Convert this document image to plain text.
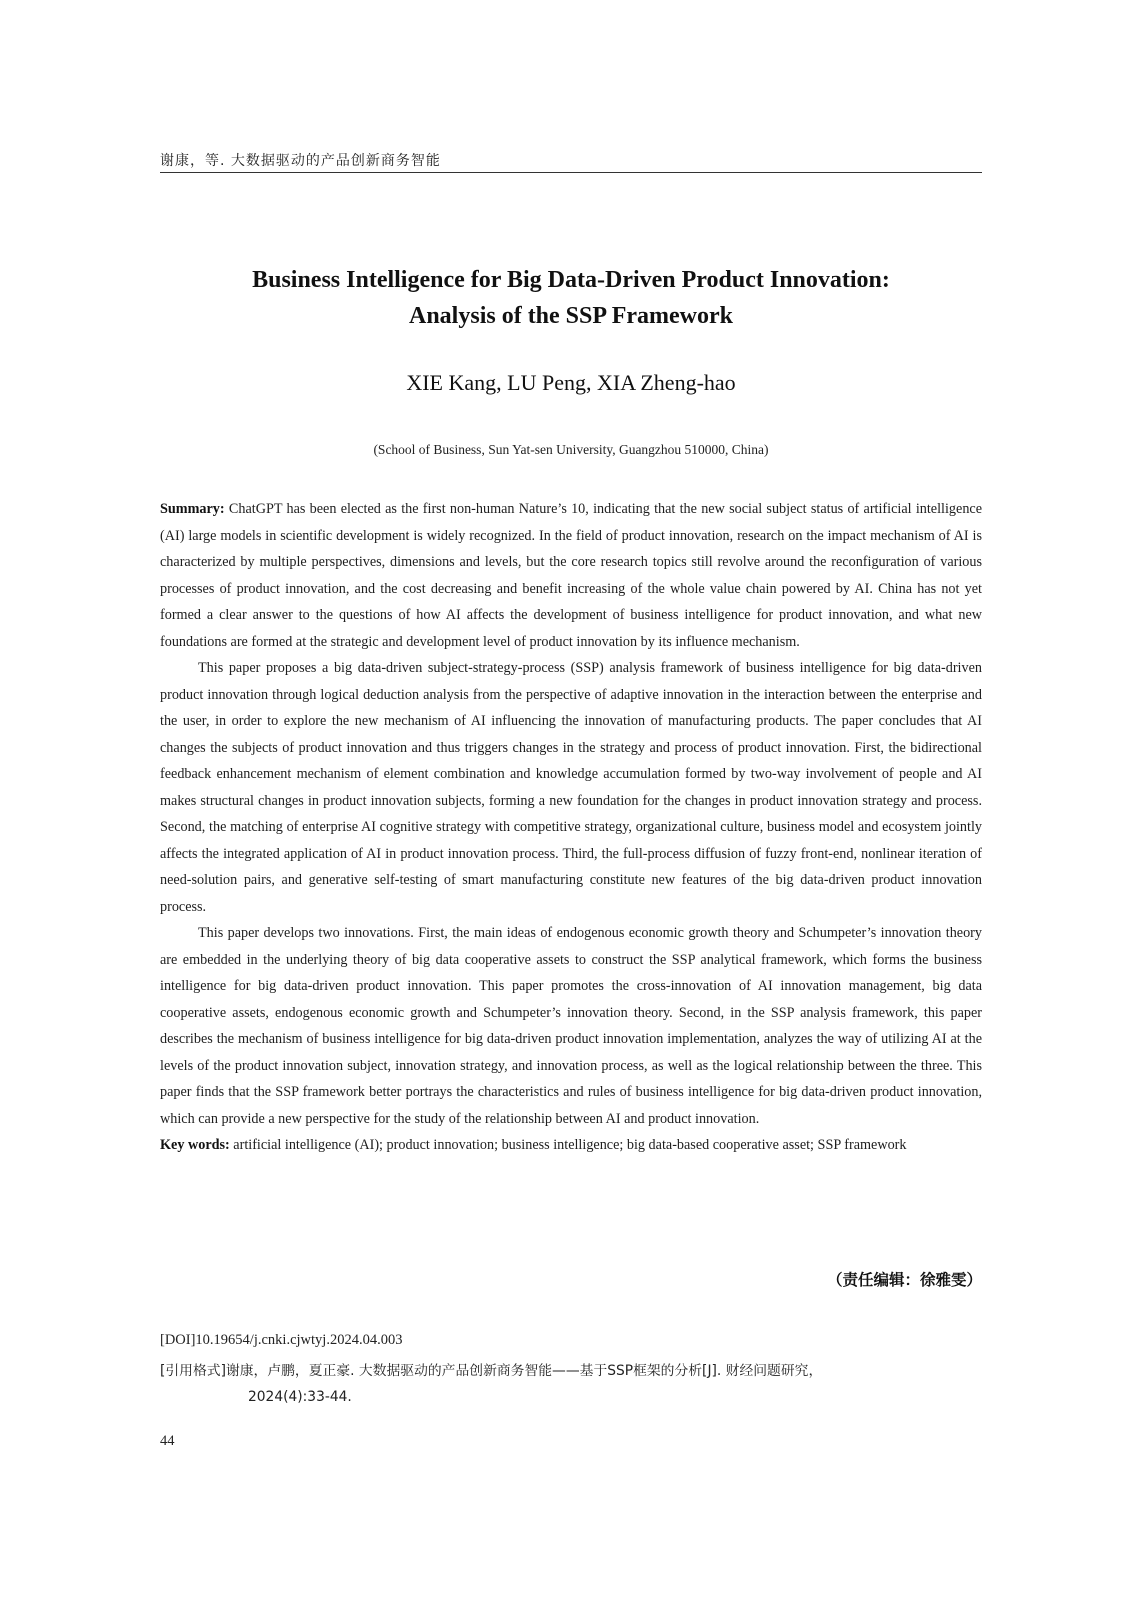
谢康，等. 大数据驱动的产品创新商务智能
Business Intelligence for Big Data-Driven Product Innovation:
Analysis of the SSP Framework
XIE Kang, LU Peng, XIA Zheng-hao
(School of Business, Sun Yat-sen University, Guangzhou 510000, China)

Summary: ChatGPT has been elected as the first non-human Nature’s 10, indicating that the new social subject status of artificial intelligence (AI) large models in scientific development is widely recognized. In the field of product innovation, research on the impact mechanism of AI is characterized by multiple perspectives, dimensions and levels, but the core research topics still revolve around the reconfiguration of various processes of product innovation, and the cost decreasing and benefit increasing of the whole value chain powered by AI. China has not yet formed a clear answer to the questions of how AI affects the development of business intelligence for product innovation, and what new foundations are formed at the strategic and development level of product innovation by its influence mechanism.

This paper proposes a big data-driven subject-strategy-process (SSP) analysis framework of business intelligence for big data-driven product innovation through logical deduction analysis from the perspective of adaptive innovation in the interaction between the enterprise and the user, in order to explore the new mechanism of AI influencing the innovation of manufacturing products. The paper concludes that AI changes the subjects of product innovation and thus triggers changes in the strategy and process of product innovation. First, the bidirectional feedback enhancement mechanism of element combination and knowledge accumulation formed by two-way involvement of people and AI makes structural changes in product innovation subjects, forming a new foundation for the changes in product innovation strategy and process. Second, the matching of enterprise AI cognitive strategy with competitive strategy, organizational culture, business model and ecosystem jointly affects the integrated application of AI in product innovation process. Third, the full-process diffusion of fuzzy front-end, nonlinear iteration of need-solution pairs, and generative self-testing of smart manufacturing constitute new features of the big data-driven product innovation process.

This paper develops two innovations. First, the main ideas of endogenous economic growth theory and Schumpeter’s innovation theory are embedded in the underlying theory of big data cooperative assets to construct the SSP analytical framework, which forms the business intelligence for big data-driven product innovation. This paper promotes the cross-innovation of AI innovation management, big data cooperative assets, endogenous economic growth and Schumpeter’s innovation theory. Second, in the SSP analysis framework, this paper describes the mechanism of business intelligence for big data-driven product innovation implementation, analyzes the way of utilizing AI at the levels of the product innovation subject, innovation strategy, and innovation process, as well as the logical relationship between the three. This paper finds that the SSP framework better portrays the characteristics and rules of business intelligence for big data-driven product innovation, which can provide a new perspective for the study of the relationship between AI and product innovation.

Key words: artificial intelligence (AI); product innovation; business intelligence; big data-based cooperative asset; SSP framework

（责任编辑：徐雅雯）
[DOI]10.19654/j.cnki.cjwtyj.2024.04.003
[引用格式]谢康，卢鹏，夏正豪. 大数据驱动的产品创新商务智能——基于SSP框架的分析[J]. 财经问题研究，
2024(4):33-44.
44
